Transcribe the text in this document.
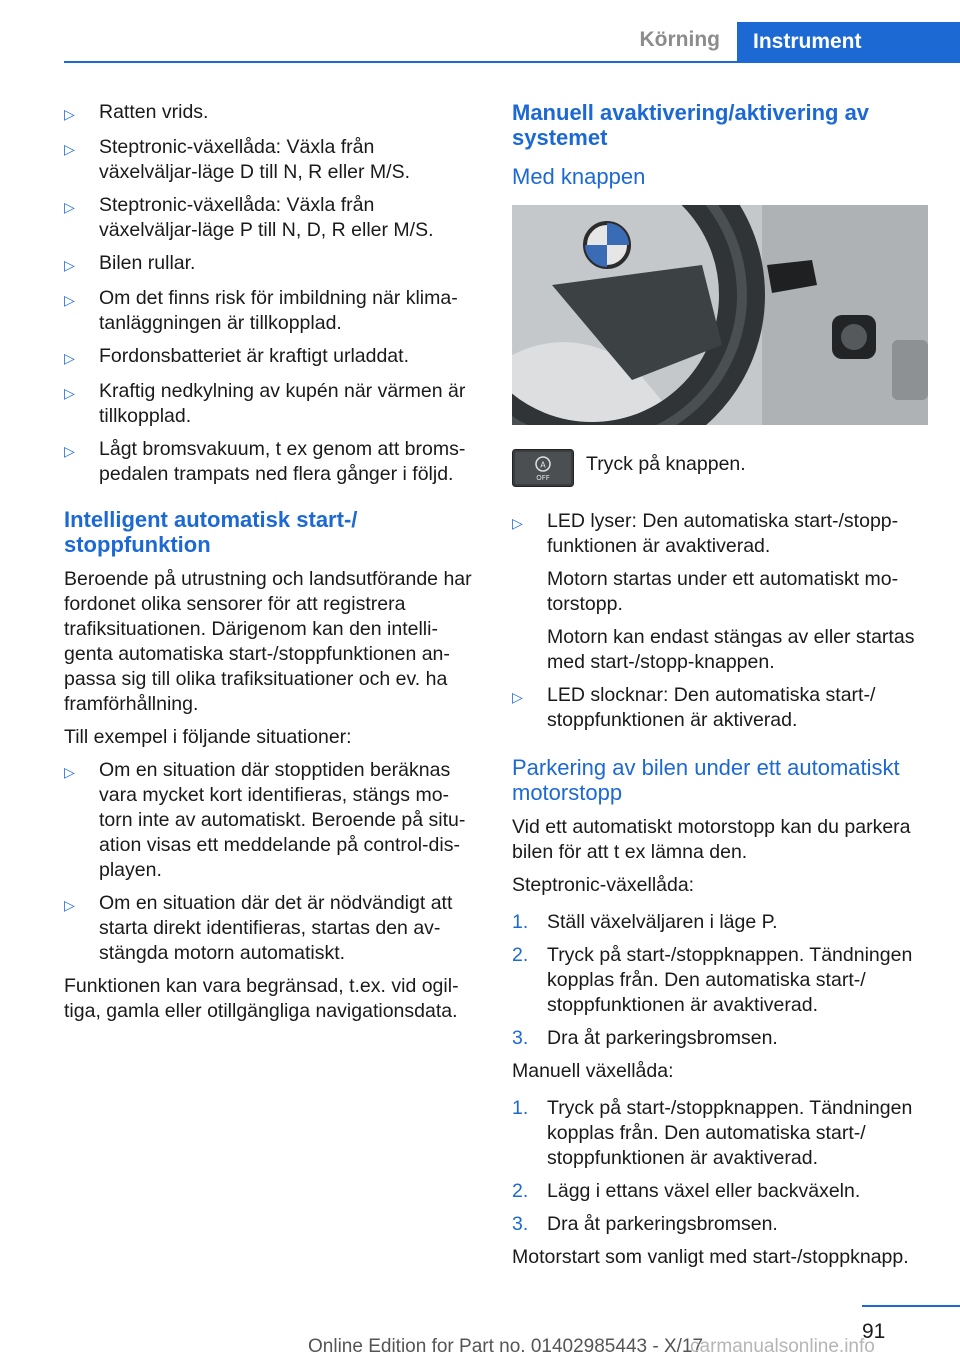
Körning	Instrument
▷	Ratten vrids.
▷	Steptronic-växellåda: Växla från växelväljar-läge D till N, R eller M/S.
▷	Steptronic-växellåda: Växla från växelväljar-läge P till N, D, R eller M/S.
▷	Bilen rullar.
▷	Om det finns risk för imbildning när klima-tanläggningen är tillkopplad.
▷	Fordonsbatteriet är kraftigt urladdat.
▷	Kraftig nedkylning av kupén när värmen är tillkopplad.
▷	Lågt bromsvakuum, t ex genom att broms-pedalen trampats ned flera gånger i följd.
Intelligent automatisk start-/ stoppfunktion
Beroende på utrustning och landsutförande har fordonet olika sensorer för att registrera trafiksituationen. Därigenom kan den intelli-genta automatiska start-/stoppfunktionen an-passa sig till olika trafiksituationer och ev. ha framförhållning.
Till exempel i följande situationer:
▷	Om en situation där stopptiden beräknas vara mycket kort identifieras, stängs mo-torn inte av automatiskt. Beroende på situ-ation visas ett meddelande på control-dis-playen.
▷	Om en situation där det är nödvändigt att starta direkt identifieras, startas den av-stängda motorn automatiskt.
Funktionen kan vara begränsad, t.ex. vid ogil-tiga, gamla eller otillgängliga navigationsdata.
Manuell avaktivering/aktivering av systemet
Med knappen
A
OFF
Tryck på knappen.
▷	LED lyser: Den automatiska start-/stopp-funktionen är avaktiverad.

Motorn startas under ett automatiskt mo-torstopp.

Motorn kan endast stängas av eller startas med start-/stopp-knappen.

▷	LED slocknar: Den automatiska start-/ stoppfunktionen är aktiverad.
Parkering av bilen under ett automatiskt motorstopp
Vid ett automatiskt motorstopp kan du parkera bilen för att t ex lämna den.
Steptronic-växellåda:
1. Ställ växelväljaren i läge P.
2. Tryck på start-/stoppknappen. Tändningen kopplas från. Den automatiska start-/ stoppfunktionen är avaktiverad.
3. Dra åt parkeringsbromsen.
Manuell växellåda:
1. Tryck på start-/stoppknappen. Tändningen kopplas från. Den automatiska start-/ stoppfunktionen är avaktiverad.
2. Lägg i ettans växel eller backväxeln.
3. Dra åt parkeringsbromsen.
Motorstart som vanligt med start-/stoppknapp.
91
Online Edition for Part no. 01402985443 - X/17
carmanualsonline.info
